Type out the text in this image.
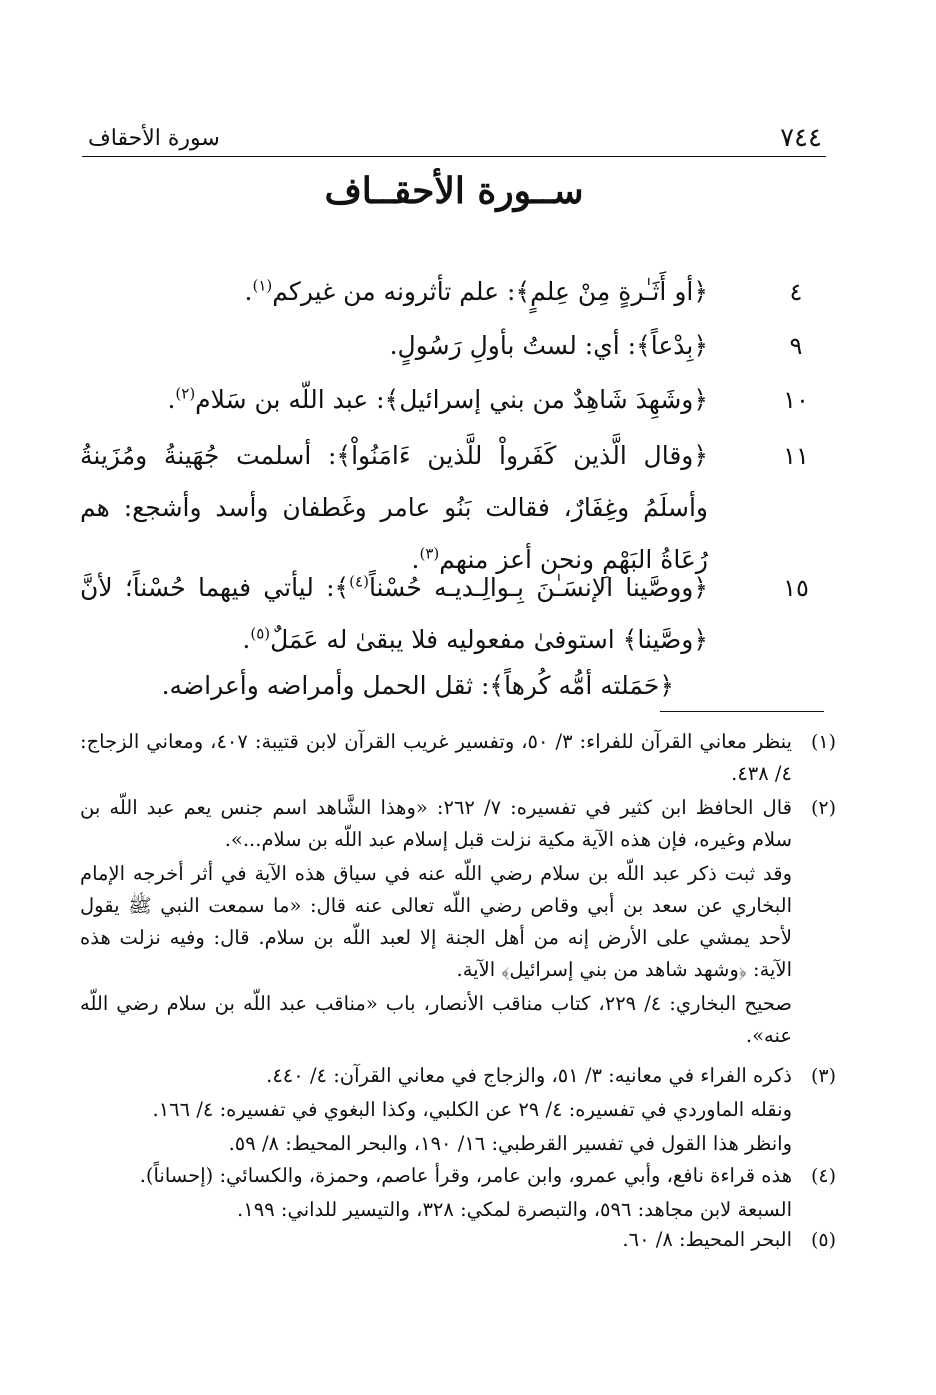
٧٤٤
سورة الأحقاف
ســورة الأحقــاف
٤
﴿أو أَثَـٰرةٍ مِنْ عِلمٍ﴾: علم تأثرونه من غيركم$^{(١)}$.
٩
﴿بِدْعاً﴾: أي: لستُ بأولِ رَسُولٍ.
١٠
﴿وشَهِدَ شَاهِدٌ من بني إسرائيل﴾: عبد اللّه بن سَلام$^{(٢)}$.
١١
﴿وقال الَّذين كَفَرواْ للَّذين ءَامَنُواْ﴾: أسلمت جُهَينةُ ومُزَينةُ وأسلَمُ وغِفَارٌ، فقالت بَنُو عامر وغَطفان وأسد وأشجع: هم رُعَاةُ البَهْمِ ونحن أعز منهم$^{(٣)}$.
١٥
﴿ووصَّينا الإنسَـٰنَ بِـوالِـديـه حُسْناً$^{(٤)}$﴾: ليأتي فيهما حُسْناً؛ لأنَّ ﴿وصَّينا﴾ استوفىٰ مفعوليه فلا يبقىٰ له عَمَلٌ$^{(٥)}$.
﴿حَمَلته أمُّه كُرهاً﴾: ثقل الحمل وأمراضه وأعراضه.
(١)

ينظر معاني القرآن للفراء: ٣/ ٥٠، وتفسير غريب القرآن لابن قتيبة: ٤٠٧، ومعاني الزجاج: ٤/ ٤٣٨.

(٢)

قال الحافظ ابن كثير في تفسيره: ٧/ ٢٦٢: «وهذا الشَّاهد اسم جنس يعم عبد اللّه بن سلام وغيره، فإن هذه الآية مكية نزلت قبل إسلام عبد اللّه بن سلام...».

وقد ثبت ذكر عبد اللّه بن سلام رضي اللّه عنه في سياق هذه الآية في أثر أخرجه الإمام البخاري عن سعد بن أبي وقاص رضي اللّه تعالى عنه قال: «ما سمعت النبي ﷺ يقول لأحد يمشي على الأرض إنه من أهل الجنة إلا لعبد اللّه بن سلام. قال: وفيه نزلت هذه الآية: ﴿وشهد شاهد من بني إسرائيل﴾ الآية.

صحيح البخاري: ٤/ ٢٢٩، كتاب مناقب الأنصار، باب «مناقب عبد اللّه بن سلام رضي اللّه عنه».

(٣)

ذكره الفراء في معانيه: ٣/ ٥١، والزجاج في معاني القرآن: ٤/ ٤٤٠.

ونقله الماوردي في تفسيره: ٤/ ٢٩ عن الكلبي، وكذا البغوي في تفسيره: ٤/ ١٦٦.

وانظر هذا القول في تفسير القرطبي: ١٦/ ١٩٠، والبحر المحيط: ٨/ ٥٩.

(٤)

هذه قراءة نافع، وأبي عمرو، وابن عامر، وقرأ عاصم، وحمزة، والكسائي: (إحساناً).

السبعة لابن مجاهد: ٥٩٦، والتبصرة لمكي: ٣٢٨، والتيسير للداني: ١٩٩.

(٥)

البحر المحيط: ٨/ ٦٠.
